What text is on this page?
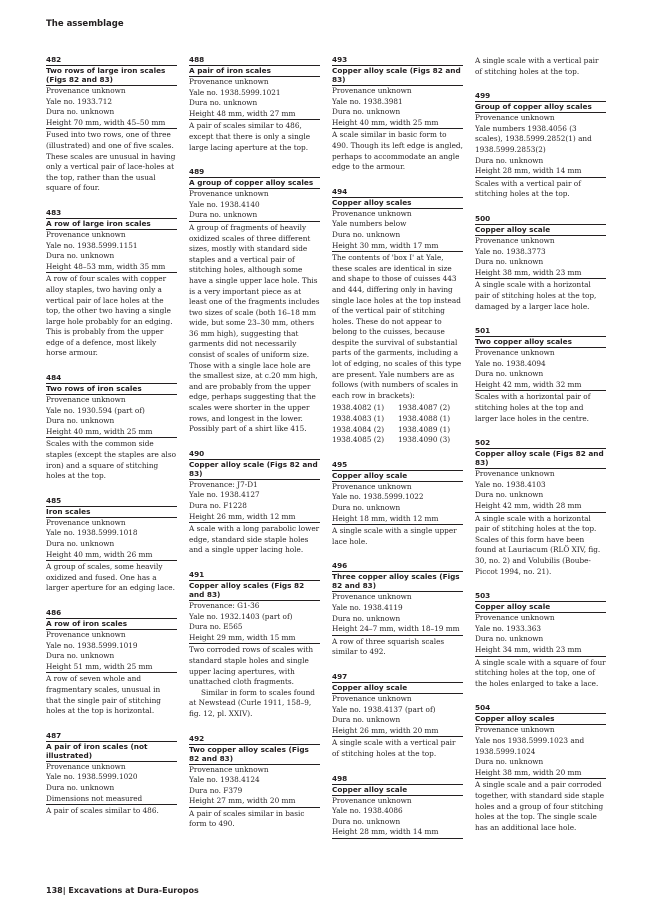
The assemblage
482
Two rows of large iron scales (Figs 82 and 83)
Provenance unknown
Yale no. 1933.712
Dura no. unknown
Height 70 mm, width 45–50 mm

Fused into two rows, one of three (illustrated) and one of five scales. These scales are unusual in having only a vertical pair of lace-holes at the top, rather than the usual square of four.

483
A row of large iron scales
Provenance unknown
Yale no. 1938.5999.1151
Dura no. unknown
Height 48–53 mm, width 35 mm

A row of four scales with copper alloy staples, two having only a vertical pair of lace holes at the top, the other two having a single large hole probably for an edging. This is probably from the upper edge of a defence, most likely horse armour.

484
Two rows of iron scales
Provenance unknown
Yale no. 1930.594 (part of)
Dura no. unknown
Height 40 mm, width 25 mm

Scales with the common side staples (except the staples are also iron) and a square of stitching holes at the top.

485
Iron scales
Provenance unknown
Yale no. 1938.5999.1018
Dura no. unknown
Height 40 mm, width 26 mm

A group of scales, some heavily oxidized and fused. One has a larger aperture for an edging lace.

486
A row of iron scales
Provenance unknown
Yale no. 1938.5999.1019
Dura no. unknown
Height 51 mm, width 25 mm

A row of seven whole and fragmentary scales, unusual in that the single pair of stitching holes at the top is horizontal.

487
A pair of iron scales (not illustrated)
Provenance unknown
Yale no. 1938.5999.1020
Dura no. unknown
Dimensions not measured

A pair of scales similar to 486.

488
A pair of iron scales
Provenance unknown
Yale no. 1938.5999.1021
Dura no. unknown
Height 48 mm, width 27 mm

A pair of scales similar to 486, except that there is only a single large lacing aperture at the top.

489
A group of copper alloy scales
Provenance unknown
Yale no. 1938.4140
Dura no. unknown

A group of fragments of heavily oxidized scales of three different sizes, mostly with standard side staples and a vertical pair of stitching holes, although some have a single upper lace hole. This is a very important piece as at least one of the fragments includes two sizes of scale (both 16–18 mm wide, but some 23–30 mm, others 36 mm high), suggesting that garments did not necessarily consist of scales of uniform size. Those with a single lace hole are the smallest size, at c.20 mm high, and are probably from the upper edge, perhaps suggesting that the scales were shorter in the upper rows, and longest in the lower. Possibly part of a shirt like 415.

490
Copper alloy scale (Figs 82 and 83)
Provenance: J7-D1
Yale no. 1938.4127
Dura no. F1228
Height 26 mm, width 12 mm

A scale with a long parabolic lower edge, standard side staple holes and a single upper lacing hole.

491
Copper alloy scales (Figs 82 and 83)
Provenance: G1-36
Yale no. 1932.1403 (part of)
Dura no. E565
Height 29 mm, width 15 mm

Two corroded rows of scales with standard staple holes and single upper lacing apertures, with unattached cloth fragments.

Similar in form to scales found at Newstead (Curle 1911, 158–9, fig. 12, pl. XXIV).

492
Two copper alloy scales (Figs 82 and 83)
Provenance unknown
Yale no. 1938.4124
Dura no. F379
Height 27 mm, width 20 mm

A pair of scales similar in basic form to 490.

493
Copper alloy scale (Figs 82 and 83)
Provenance unknown
Yale no. 1938.3981
Dura no. unknown
Height 40 mm, width 25 mm

A scale similar in basic form to 490. Though its left edge is angled, perhaps to accommodate an angle edge to the armour.

494
Copper alloy scales
Provenance unknown
Yale numbers below
Dura no. unknown
Height 30 mm, width 17 mm

The contents of 'box I' at Yale, these scales are identical in size and shape to those of cuisses 443 and 444, differing only in having single lace holes at the top instead of the vertical pair of stitching holes. These do not appear to belong to the cuisses, because despite the survival of substantial parts of the garments, including a lot of edging, no scales of this type are present. Yale numbers are as follows (with numbers of scales in each row in brackets):

1938.4082 (1)	1938.4087 (2)
1938.4083 (1)	1938.4088 (1)
1938.4084 (2)	1938.4089 (1)
1938.4085 (2)	1938.4090 (3)
495
Copper alloy scale
Provenance unknown
Yale no. 1938.5999.1022
Dura no. unknown
Height 18 mm, width 12 mm

A single scale with a single upper lace hole.

496
Three copper alloy scales (Figs 82 and 83)
Provenance unknown
Yale no. 1938.4119
Dura no. unknown
Height 24–7 mm, width 18–19 mm

A row of three squarish scales similar to 492.

497
Copper alloy scale
Provenance unknown
Yale no. 1938.4137 (part of)
Dura no. unknown
Height 26 mm, width 20 mm

A single scale with a vertical pair of stitching holes at the top.

498
Copper alloy scale
Provenance unknown
Yale no. 1938.4086
Dura no. unknown
Height 28 mm, width 14 mm

A single scale with a vertical pair of stitching holes at the top.

499
Group of copper alloy scales
Provenance unknown
Yale numbers 1938.4056 (3 scales), 1938.5999.2852(1) and 1938.5999.2853(2)
Dura no. unknown
Height 28 mm, width 14 mm

Scales with a vertical pair of stitching holes at the top.

500
Copper alloy scale
Provenance unknown
Yale no. 1938.3773
Dura no. unknown
Height 38 mm, width 23 mm

A single scale with a horizontal pair of stitching holes at the top, damaged by a larger lace hole.

501
Two copper alloy scales
Provenance unknown
Yale no. 1938.4094
Dura no. unknown
Height 42 mm, width 32 mm

Scales with a horizontal pair of stitching holes at the top and larger lace holes in the centre.

502
Copper alloy scale (Figs 82 and 83)
Provenance unknown
Yale no. 1938.4103
Dura no. unknown
Height 42 mm, width 28 mm

A single scale with a horizontal pair of stitching holes at the top. Scales of this form have been found at Lauriacum (RLÖ XIV, fig. 30, no. 2) and Volubilis (Boube-Piccot 1994, no. 21).

503
Copper alloy scale
Provenance unknown
Yale no. 1933.363
Dura no. unknown
Height 34 mm, width 23 mm

A single scale with a square of four stitching holes at the top, one of the holes enlarged to take a lace.

504
Copper alloy scales
Provenance unknown
Yale nos 1938.5999.1023 and 1938.5999.1024
Dura no. unknown
Height 38 mm, width 20 mm

A single scale and a pair corroded together, with standard side staple holes and a group of four stitching holes at the top. The single scale has an additional lace hole.

138| Excavations at Dura-Europos
